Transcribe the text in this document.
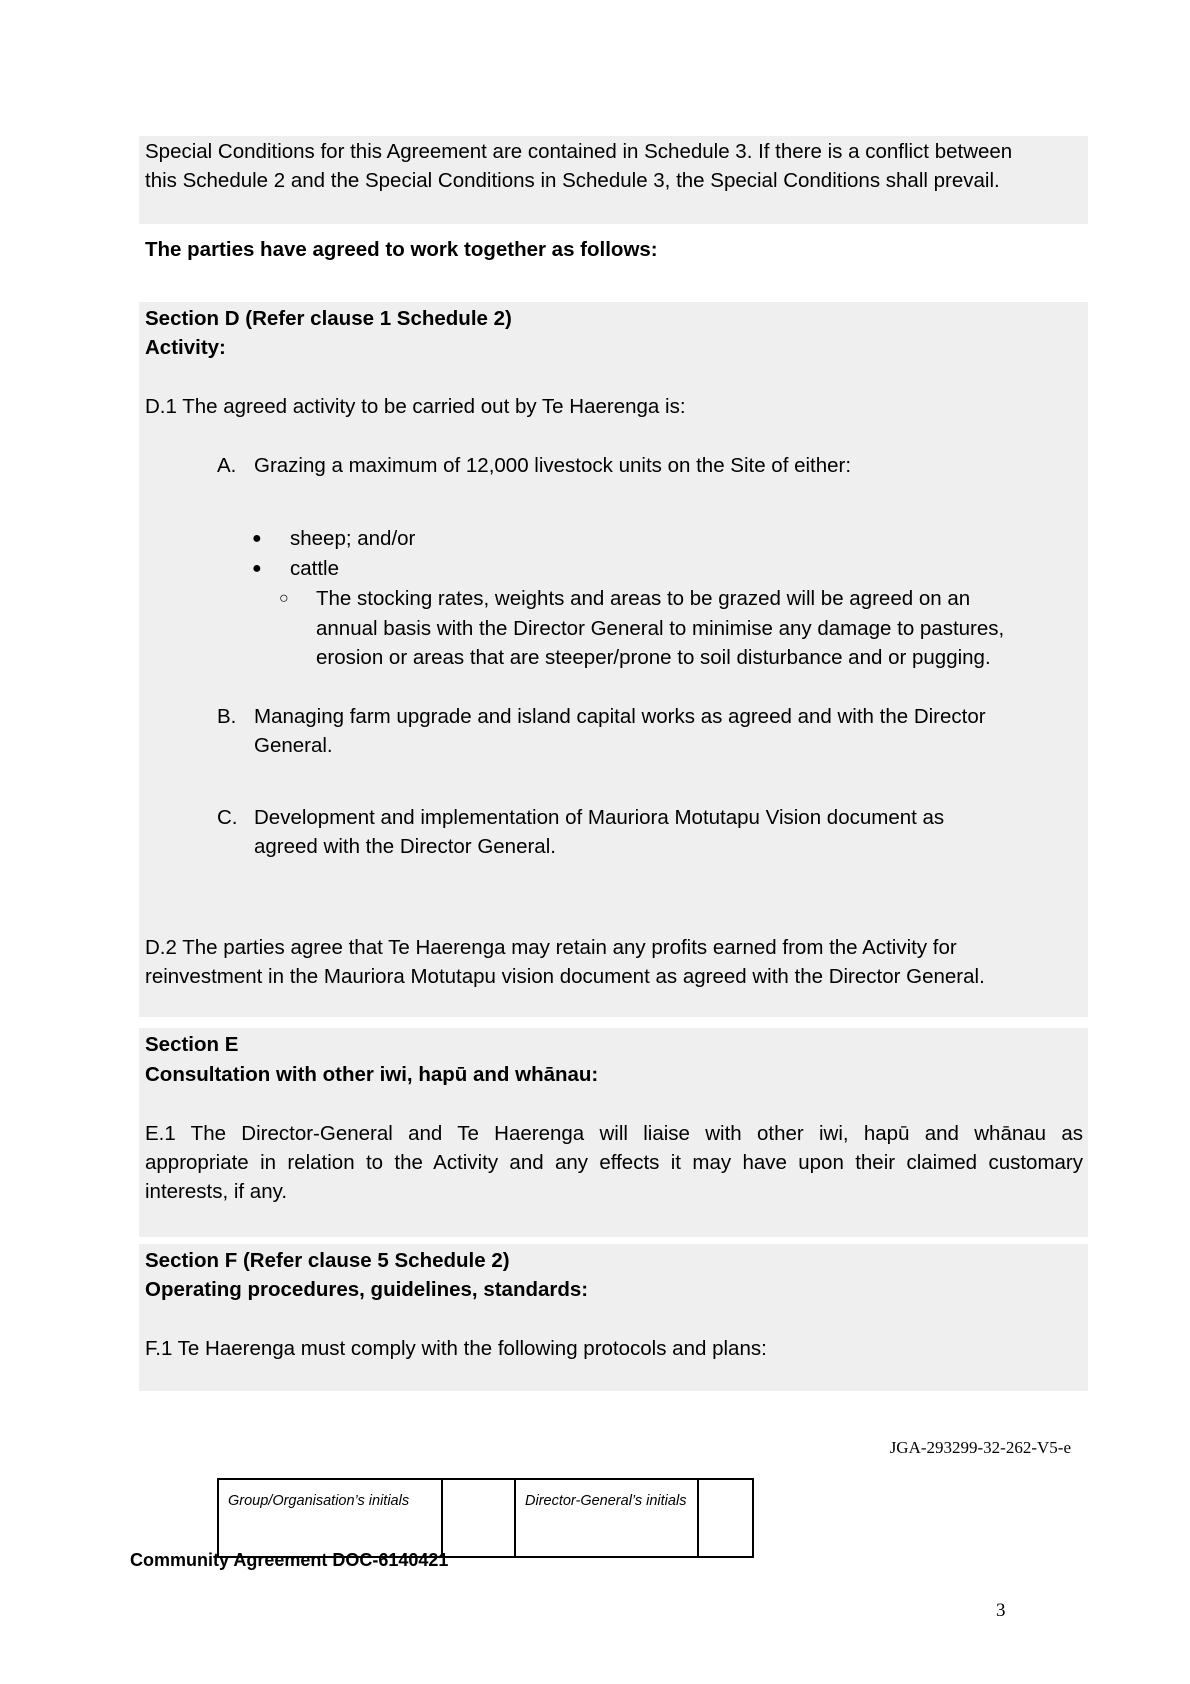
Special Conditions for this Agreement are contained in Schedule 3. If there is a conflict between
this Schedule 2 and the Special Conditions in Schedule 3, the Special Conditions shall prevail.
The parties have agreed to work together as follows:
Section D (Refer clause 1 Schedule 2)
Activity:
D.1 The agreed activity to be carried out by Te Haerenga is:
A. Grazing a maximum of 12,000 livestock units on the Site of either:
● sheep; and/or
● cattle
○ The stocking rates, weights and areas to be grazed will be agreed on an
annual basis with the Director General to minimise any damage to pastures,
erosion or areas that are steeper/prone to soil disturbance and or pugging.
B. Managing farm upgrade and island capital works as agreed and with the Director
General.
C. Development and implementation of Mauriora Motutapu Vision document as
agreed with the Director General.
D.2 The parties agree that Te Haerenga may retain any profits earned from the Activity for
reinvestment in the Mauriora Motutapu vision document as agreed with the Director General.
Section E
Consultation with other iwi, hapū and whānau:
E.1 The Director-General and Te Haerenga will liaise with other iwi, hapū and whānau as
appropriate in relation to the Activity and any effects it may have upon their claimed customary
interests, if any.
Section F (Refer clause 5 Schedule 2)
Operating procedures, guidelines, standards:
F.1 Te Haerenga must comply with the following protocols and plans:
JGA-293299-32-262-V5-e
Group/Organisation’s initials		Director-General’s initials	
Community Agreement DOC-6140421
3
